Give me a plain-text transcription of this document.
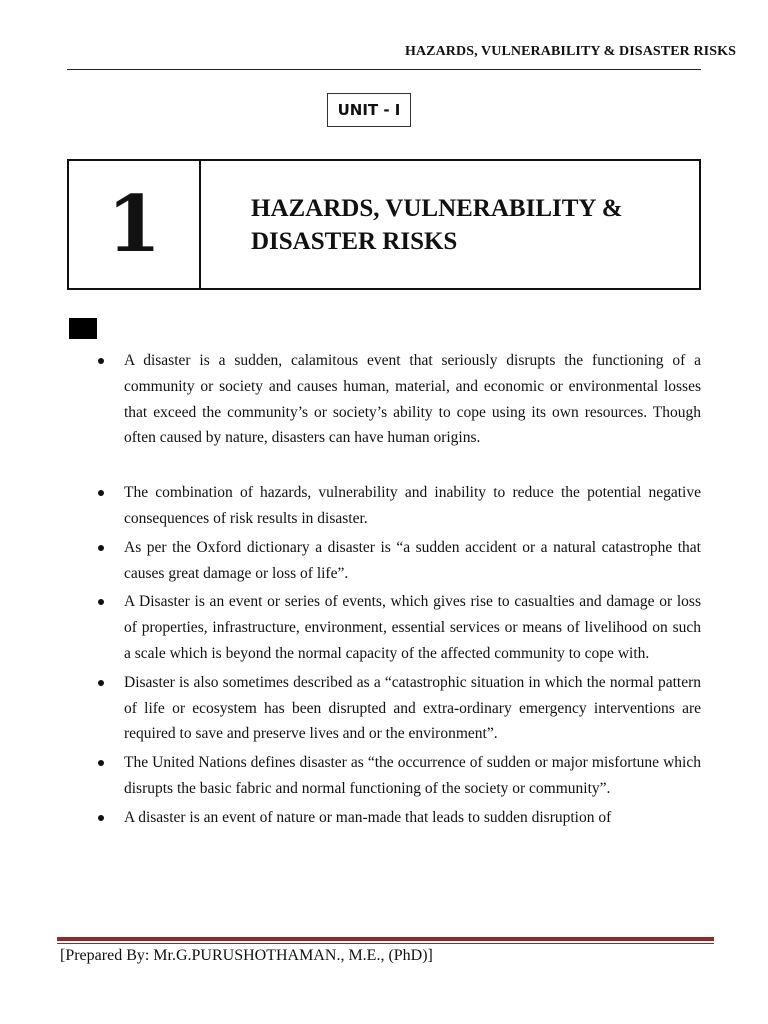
HAZARDS, VULNERABILITY & DISASTER RISKS
UNIT - I
1	HAZARDS, VULNERABILITY &
DISASTER RISKS
A disaster is a sudden, calamitous event that seriously disrupts the functioning of a community or society and causes human, material, and economic or environmental losses that exceed the community’s or society’s ability to cope using its own resources. Though often caused by nature, disasters can have human origins.
The combination of hazards, vulnerability and inability to reduce the potential negative consequences of risk results in disaster.
As per the Oxford dictionary a disaster is “a sudden accident or a natural catastrophe that causes great damage or loss of life”.
A Disaster is an event or series of events, which gives rise to casualties and damage or loss of properties, infrastructure, environment, essential services or means of livelihood on such a scale which is beyond the normal capacity of the affected community to cope with.
Disaster is also sometimes described as a “catastrophic situation in which the normal pattern of life or ecosystem has been disrupted and extra-ordinary emergency interventions are required to save and preserve lives and or the environment”.
The United Nations defines disaster as “the occurrence of sudden or major misfortune which disrupts the basic fabric and normal functioning of the society or community”.
A disaster is an event of nature or man-made that leads to sudden disruption of
[Prepared By: Mr.G.PURUSHOTHAMAN., M.E., (PhD)]
